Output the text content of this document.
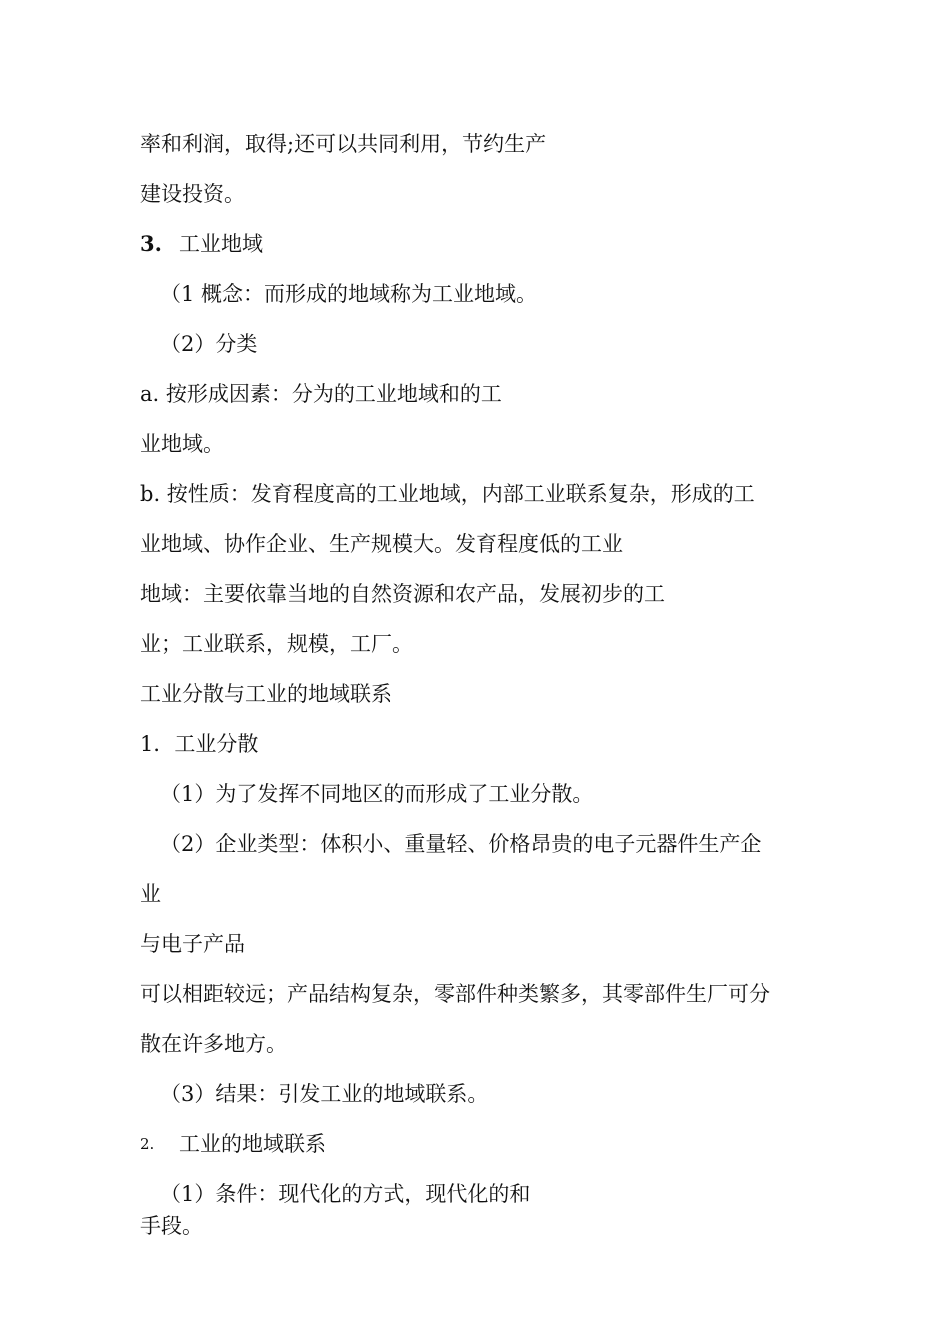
率和利润，取得;还可以共同利用，节约生产
建设投资。
3. 工业地域
（1 概念：而形成的地域称为工业地域。
（2）分类
a. 按形成因素：分为的工业地域和的工
业地域。
b. 按性质：发育程度高的工业地域，内部工业联系复杂，形成的工
业地域、协作企业、生产规模大。发育程度低的工业
地域：主要依靠当地的自然资源和农产品，发展初步的工
业；工业联系，规模，工厂。
工业分散与工业的地域联系
1．工业分散
（1）为了发挥不同地区的而形成了工业分散。
（2）企业类型：体积小、重量轻、价格昂贵的电子元器件生产企
业
与电子产品
可以相距较远；产品结构复杂，零部件种类繁多，其零部件生厂可分
散在许多地方。
（3）结果：引发工业的地域联系。
2. 工业的地域联系
（1）条件：现代化的方式，现代化的和
手段。
